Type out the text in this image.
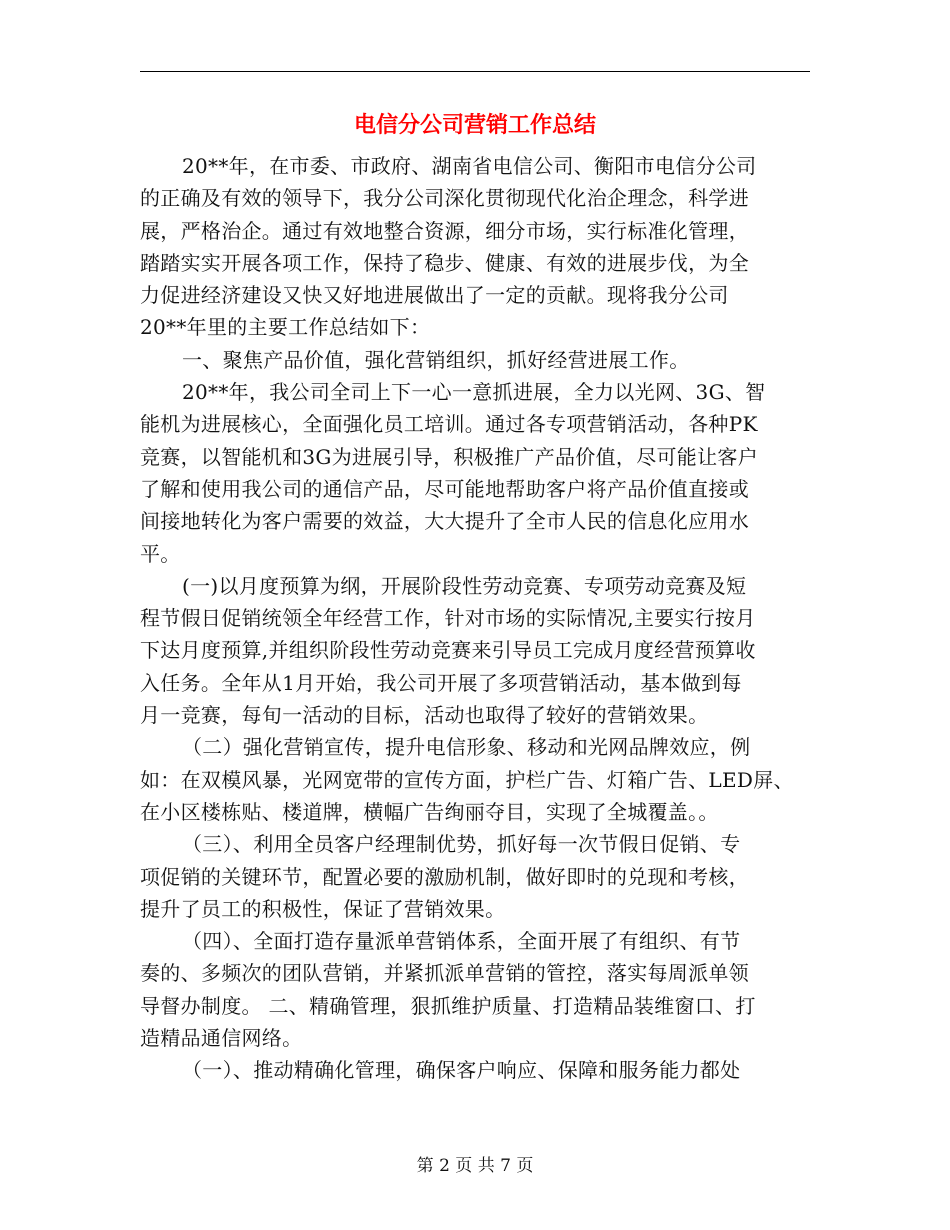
电信分公司营销工作总结
20**年，在市委、市政府、湖南省电信公司、衡阳市电信分公司
的正确及有效的领导下，我分公司深化贯彻现代化治企理念，科学进
展，严格治企。通过有效地整合资源，细分市场，实行标准化管理，
踏踏实实开展各项工作，保持了稳步、健康、有效的进展步伐，为全
力促进经济建设又快又好地进展做出了一定的贡献。现将我分公司
20**年里的主要工作总结如下：
一、聚焦产品价值，强化营销组织，抓好经营进展工作。
20**年，我公司全司上下一心一意抓进展，全力以光网、3G、智
能机为进展核心，全面强化员工培训。通过各专项营销活动，各种PK
竞赛，以智能机和3G为进展引导，积极推广产品价值，尽可能让客户
了解和使用我公司的通信产品，尽可能地帮助客户将产品价值直接或
间接地转化为客户需要的效益，大大提升了全市人民的信息化应用水
平。
(一)以月度预算为纲，开展阶段性劳动竞赛、专项劳动竞赛及短
程节假日促销统领全年经营工作，针对市场的实际情况,主要实行按月
下达月度预算,并组织阶段性劳动竞赛来引导员工完成月度经营预算收
入任务。全年从1月开始，我公司开展了多项营销活动，基本做到每
月一竞赛，每旬一活动的目标，活动也取得了较好的营销效果。
（二）强化营销宣传，提升电信形象、移动和光网品牌效应，例
如：在双模风暴，光网宽带的宣传方面，护栏广告、灯箱广告、LED屏、
在小区楼栋贴、楼道牌，横幅广告绚丽夺目，实现了全城覆盖。。
（三）、利用全员客户经理制优势，抓好每一次节假日促销、专
项促销的关键环节，配置必要的激励机制，做好即时的兑现和考核，
提升了员工的积极性，保证了营销效果。
（四）、全面打造存量派单营销体系，全面开展了有组织、有节
奏的、多频次的团队营销，并紧抓派单营销的管控，落实每周派单领
导督办制度。 二、精确管理，狠抓维护质量、打造精品装维窗口、打
造精品通信网络。
（一）、推动精确化管理，确保客户响应、保障和服务能力都处
第 2 页 共 7 页
